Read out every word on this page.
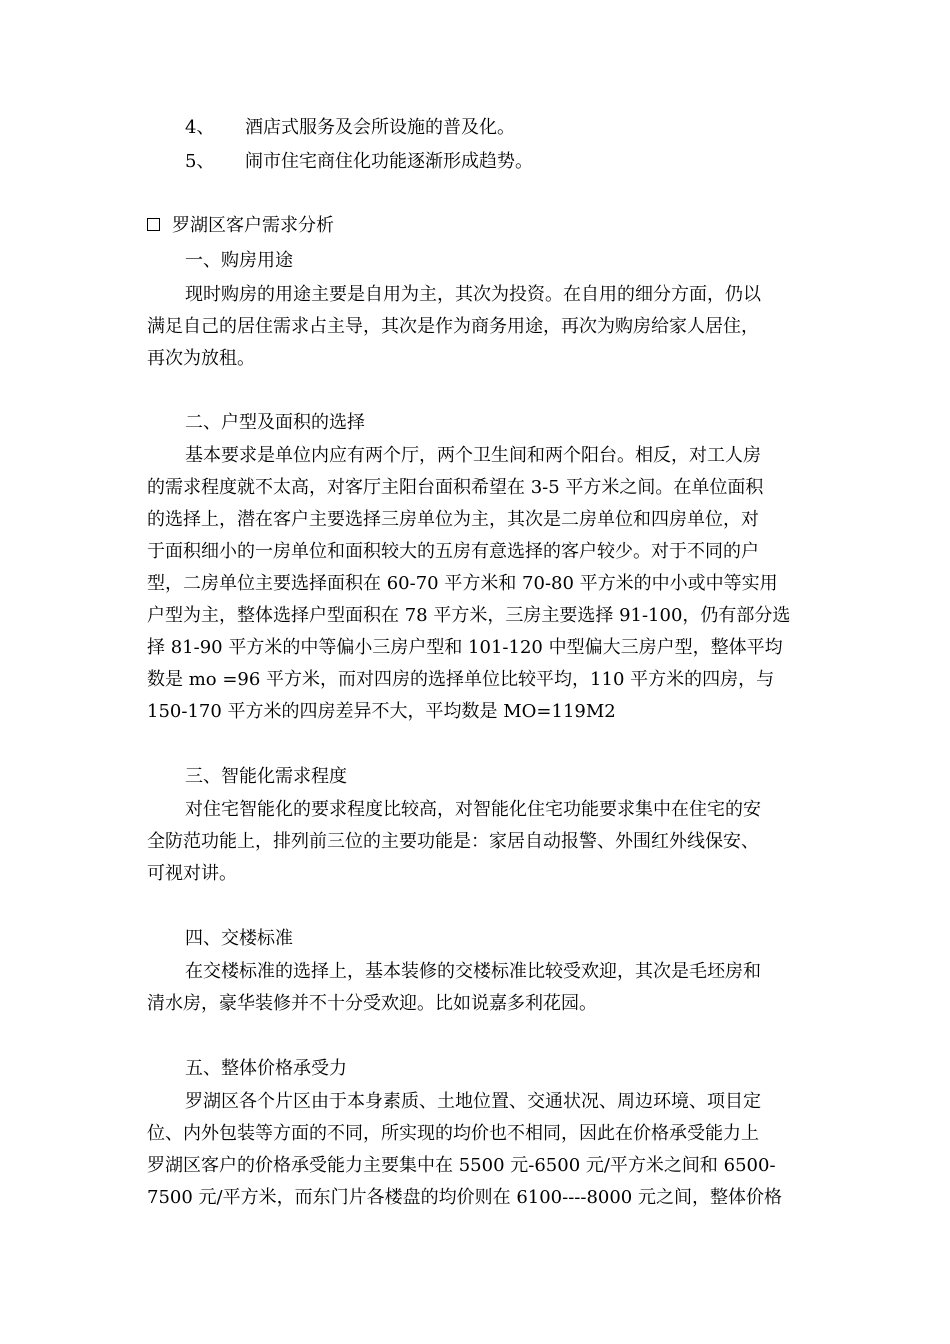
4、 酒店式服务及会所设施的普及化。
5、 闹市住宅商住化功能逐渐形成趋势。
罗湖区客户需求分析
一、购房用途
现时购房的用途主要是自用为主，其次为投资。在自用的细分方面，仍以
满足自己的居住需求占主导，其次是作为商务用途，再次为购房给家人居住，
再次为放租。
二、户型及面积的选择
基本要求是单位内应有两个厅，两个卫生间和两个阳台。相反，对工人房
的需求程度就不太高，对客厅主阳台面积希望在 3-5 平方米之间。在单位面积
的选择上，潜在客户主要选择三房单位为主，其次是二房单位和四房单位，对
于面积细小的一房单位和面积较大的五房有意选择的客户较少。对于不同的户
型，二房单位主要选择面积在 60-70 平方米和 70-80 平方米的中小或中等实用
户型为主，整体选择户型面积在 78 平方米，三房主要选择 91-100，仍有部分选
择 81-90 平方米的中等偏小三房户型和 101-120 中型偏大三房户型，整体平均
数是 mo =96 平方米，而对四房的选择单位比较平均，110 平方米的四房，与
150-170 平方米的四房差异不大，平均数是 MO=119M2
三、智能化需求程度
对住宅智能化的要求程度比较高，对智能化住宅功能要求集中在住宅的安
全防范功能上，排列前三位的主要功能是：家居自动报警、外围红外线保安、
可视对讲。
四、交楼标准
在交楼标准的选择上，基本装修的交楼标准比较受欢迎，其次是毛坯房和
清水房，豪华装修并不十分受欢迎。比如说嘉多利花园。
五、整体价格承受力
罗湖区各个片区由于本身素质、土地位置、交通状况、周边环境、项目定
位、内外包装等方面的不同，所实现的均价也不相同，因此在价格承受能力上
罗湖区客户的价格承受能力主要集中在 5500 元-6500 元/平方米之间和 6500-
7500 元/平方米，而东门片各楼盘的均价则在 6100----8000 元之间，整体价格
